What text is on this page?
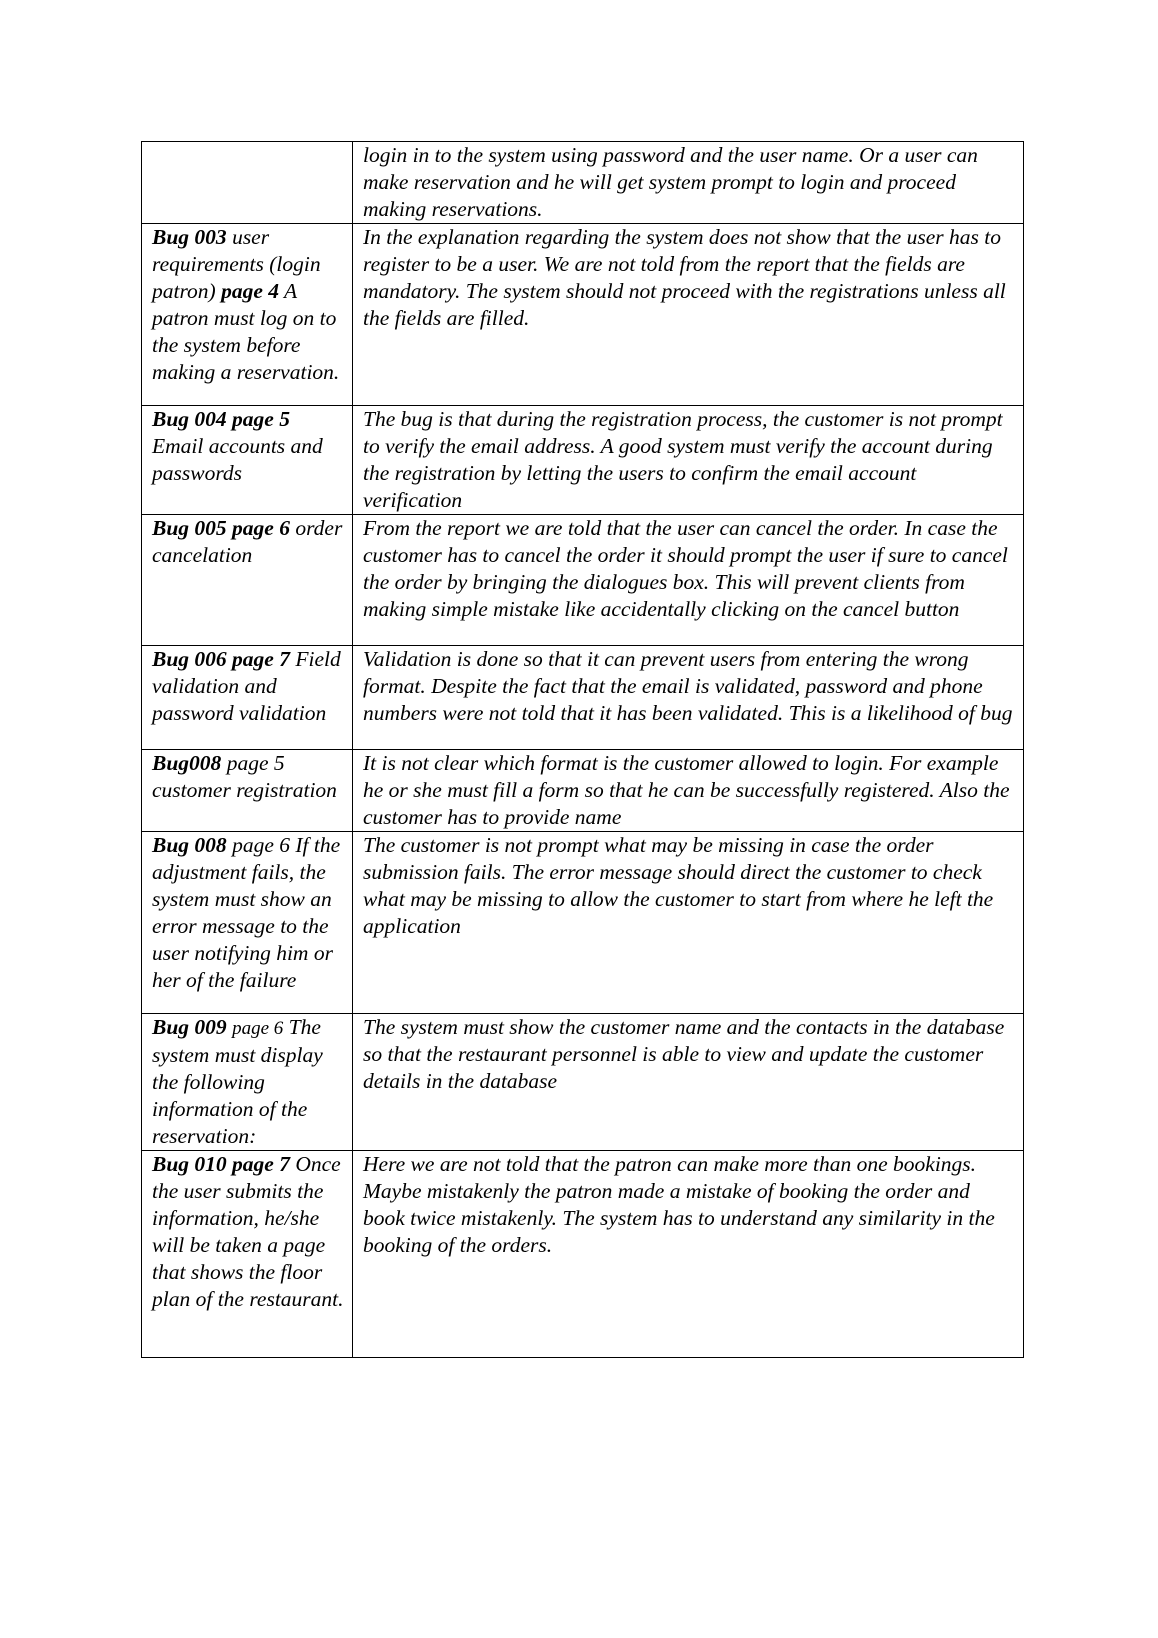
	login in to the system using password and the user name. Or a user can make reservation and he will get system prompt to login and proceed making reservations.
Bug 003 user requirements (login patron) page 4 A patron must log on to the system before making a reservation.	In the explanation regarding the system does not show that the user has to register to be a user. We are not told from the report that the fields are mandatory. The system should not proceed with the registrations unless all the fields are filled.
Bug 004 page 5 Email accounts and passwords	The bug is that during the registration process, the customer is not prompt to verify the email address. A good system must verify the account during the registration by letting the users to confirm the email account verification
Bug 005 page 6 order cancelation	From the report we are told that the user can cancel the order. In case the customer has to cancel the order it should prompt the user if sure to cancel the order by bringing the dialogues box. This will prevent clients from making simple mistake like accidentally clicking on the cancel button
Bug 006 page 7 Field validation and password validation	Validation is done so that it can prevent users from entering the wrong format. Despite the fact that the email is validated, password and phone numbers were not told that it has been validated. This is a likelihood of bug
Bug008 page 5 customer registration	It is not clear which format is the customer allowed to login. For example he or she must fill a form so that he can be successfully registered. Also the customer has to provide name
Bug 008 page 6 If the adjustment fails, the system must show an error message to the user notifying him or her of the failure	The customer is not prompt what may be missing in case the order submission fails. The error message should direct the customer to check what may be missing to allow the customer to start from where he left the application
Bug 009 page 6 The system must display the following information of the reservation:	The system must show the customer name and the contacts in the database so that the restaurant personnel is able to view and update the customer details in the database
Bug 010 page 7 Once the user submits the information, he/she will be taken a page that shows the floor plan of the restaurant.	Here we are not told that the patron can make more than one bookings. Maybe mistakenly the patron made a mistake of booking the order and book twice mistakenly. The system has to understand any similarity in the booking of the orders.
